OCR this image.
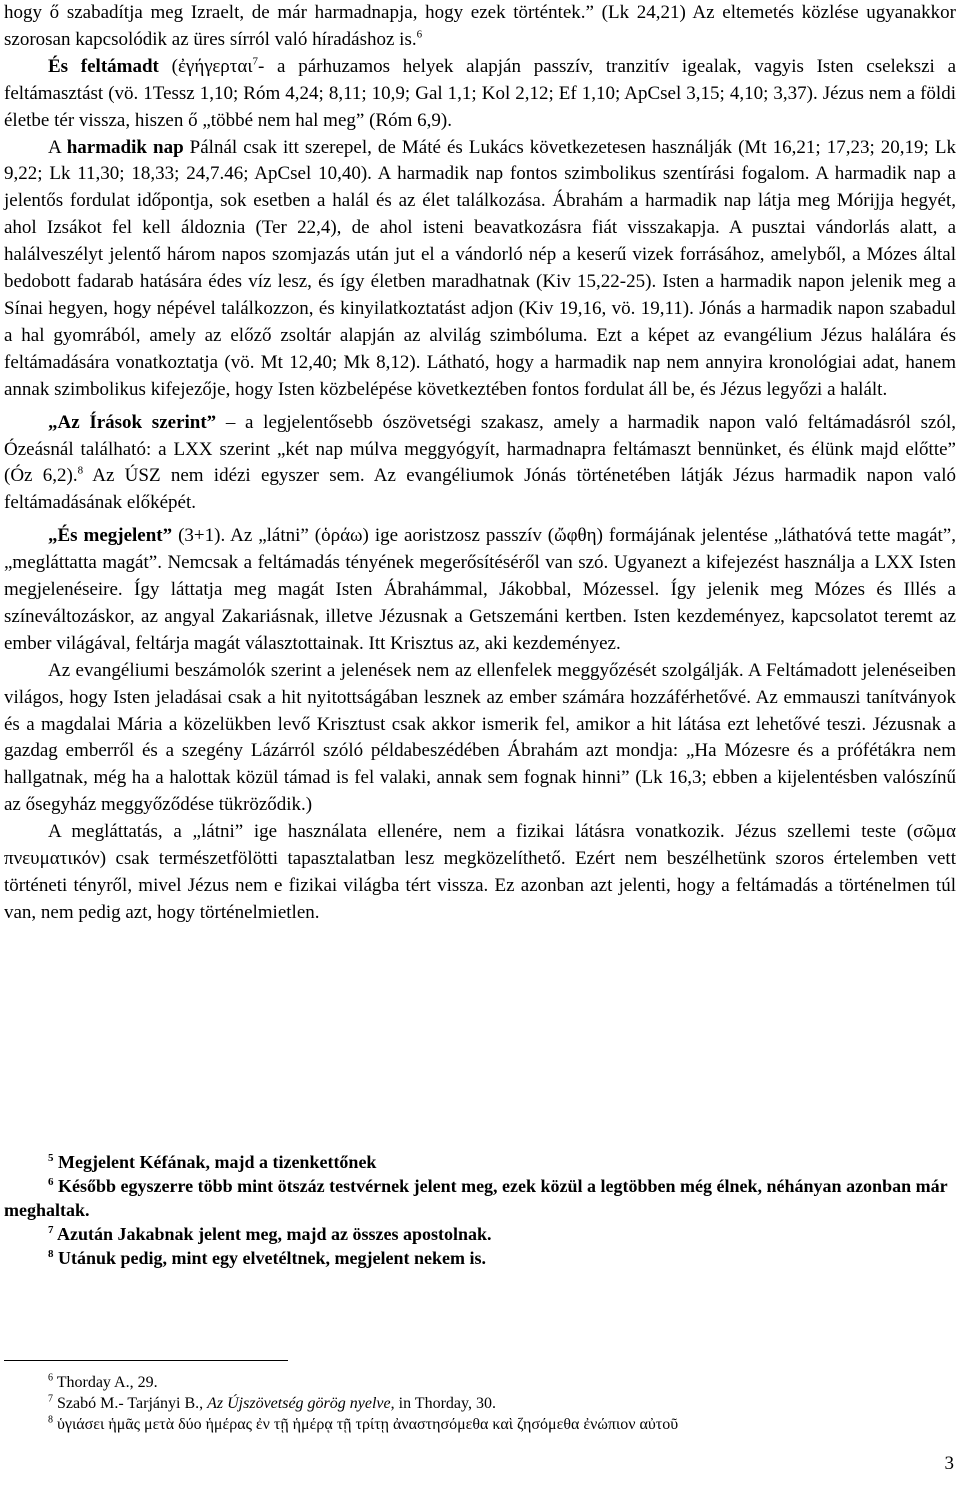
hogy ő szabadítja meg Izraelt, de már harmadnapja, hogy ezek történtek.” (Lk 24,21) Az eltemetés közlése ugyanakkor szorosan kapcsolódik az üres sírról való híradáshoz is.$^6$

És feltámadt (ἐγήγερται$^7$- a párhuzamos helyek alapján passzív, tranzitív igealak, vagyis Isten cselekszi a feltámasztást (vö. 1Tessz 1,10; Róm 4,24; 8,11; 10,9; Gal 1,1; Kol 2,12; Ef 1,10; ApCsel 3,15; 4,10; 3,37). Jézus nem a földi életbe tér vissza, hiszen ő „többé nem hal meg” (Róm 6,9).

A harmadik nap Pálnál csak itt szerepel, de Máté és Lukács következetesen használják (Mt 16,21; 17,23; 20,19; Lk 9,22; Lk 11,30; 18,33; 24,7.46; ApCsel 10,40). A harmadik nap fontos szimbolikus szentírási fogalom. A harmadik nap a jelentős fordulat időpontja, sok esetben a halál és az élet találkozása. Ábrahám a harmadik nap látja meg Mórijja hegyét, ahol Izsákot fel kell áldoznia (Ter 22,4), de ahol isteni beavatkozásra fiát visszakapja. A pusztai vándorlás alatt, a halálveszélyt jelentő három napos szomjazás után jut el a vándorló nép a keserű vizek forrásához, amelyből, a Mózes által bedobott fadarab hatására édes víz lesz, és így életben maradhatnak (Kiv 15,22-25). Isten a harmadik napon jelenik meg a Sínai hegyen, hogy népével találkozzon, és kinyilatkoztatást adjon (Kiv 19,16, vö. 19,11). Jónás a harmadik napon szabadul a hal gyomrából, amely az előző zsoltár alapján az alvilág szimbóluma. Ezt a képet az evangélium Jézus halálára és feltámadására vonatkoztatja (vö. Mt 12,40; Mk 8,12). Látható, hogy a harmadik nap nem annyira kronológiai adat, hanem annak szimbolikus kifejezője, hogy Isten közbelépése következtében fontos fordulat áll be, és Jézus legyőzi a halált.

„Az Írások szerint” – a legjelentősebb ószövetségi szakasz, amely a harmadik napon való feltámadásról szól, Ózeásnál található: a LXX szerint „két nap múlva meggyógyít, harmadnapra feltámaszt bennünket, és élünk majd előtte” (Óz 6,2).$^8$ Az ÚSZ nem idézi egyszer sem. Az evangéliumok Jónás történetében látják Jézus harmadik napon való feltámadásának előképét.

„És megjelent” (3+1). Az „látni” (ὁράω) ige aoristzosz passzív (ὤφθη) formájának jelentése „láthatóvá tette magát”, „megláttatta magát”. Nemcsak a feltámadás tényének megerősítéséről van szó. Ugyanezt a kifejezést használja a LXX Isten megjelenéseire. Így láttatja meg magát Isten Ábrahámmal, Jákobbal, Mózessel. Így jelenik meg Mózes és Illés a színeváltozáskor, az angyal Zakariásnak, illetve Jézusnak a Getszemáni kertben. Isten kezdeményez, kapcsolatot teremt az ember világával, feltárja magát választottainak. Itt Krisztus az, aki kezdeményez.

Az evangéliumi beszámolók szerint a jelenések nem az ellenfelek meggyőzését szolgálják. A Feltámadott jelenéseiben világos, hogy Isten jeladásai csak a hit nyitottságában lesznek az ember számára hozzáférhetővé. Az emmauszi tanítványok és a magdalai Mária a közelükben levő Krisztust csak akkor ismerik fel, amikor a hit látása ezt lehetővé teszi. Jézusnak a gazdag emberről és a szegény Lázárról szóló példabeszédében Ábrahám azt mondja: „Ha Mózesre és a prófétákra nem hallgatnak, még ha a halottak közül támad is fel valaki, annak sem fognak hinni” (Lk 16,3; ebben a kijelentésben valószínű az ősegyház meggyőződése tükröződik.)

A megláttatás, a „látni” ige használata ellenére, nem a fizikai látásra vonatkozik. Jézus szellemi teste (σῶμα πνευματικόν) csak természetfölötti tapasztalatban lesz megközelíthető. Ezért nem beszélhetünk szoros értelemben vett történeti tényről, mivel Jézus nem e fizikai világba tért vissza. Ez azonban azt jelenti, hogy a feltámadás a történelmen túl van, nem pedig azt, hogy történelmietlen.

$^5$ Megjelent Kéfának, majd a tizenkettőnek

$^6$ Később egyszerre több mint ötszáz testvérnek jelent meg, ezek közül a legtöbben még élnek, néhányan azonban már meghaltak.

$^7$ Azután Jakabnak jelent meg, majd az összes apostolnak.

$^8$ Utánuk pedig, mint egy elvetéltnek, megjelent nekem is.

$^6$ Thorday A., 29.

$^7$ Szabó M.- Tarjányi B., Az Újszövetség görög nyelve, in Thorday, 30.

$^8$ ὑγιάσει ἡμᾶς μετὰ δύο ἡμέρας ἐν τῇ ἡμέρᾳ τῇ τρίτῃ ἀναστησόμεθα καὶ ζησόμεθα ἐνώπιον αὐτοῦ

3
